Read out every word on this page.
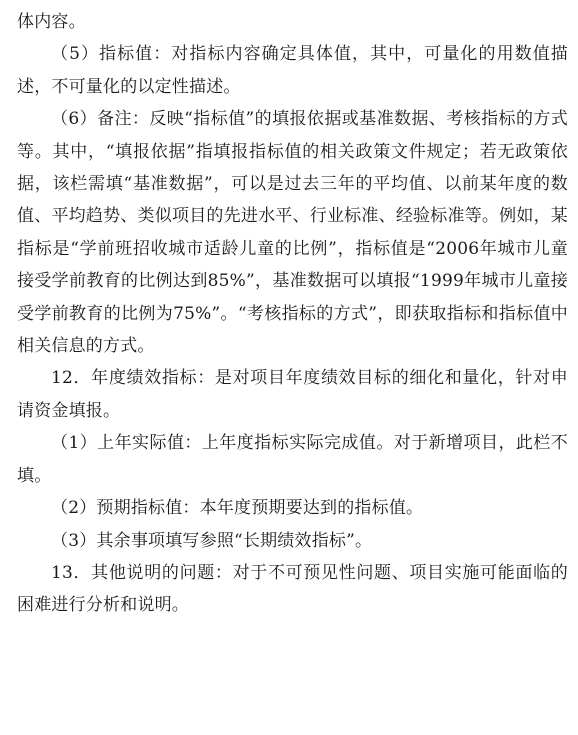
体内容。

（5）指标值：对指标内容确定具体值，其中，可量化的用数值描述，不可量化的以定性描述。

（6）备注：反映“指标值”的填报依据或基准数据、考核指标的方式等。其中，“填报依据”指填报指标值的相关政策文件规定；若无政策依据，该栏需填“基准数据”，可以是过去三年的平均值、以前某年度的数值、平均趋势、类似项目的先进水平、行业标准、经验标准等。例如，某指标是“学前班招收城市适龄儿童的比例”，指标值是“2006年城市儿童接受学前教育的比例达到85%”，基准数据可以填报“1999年城市儿童接受学前教育的比例为75%”。“考核指标的方式”，即获取指标和指标值中相关信息的方式。

12．年度绩效指标：是对项目年度绩效目标的细化和量化，针对申请资金填报。

（1）上年实际值：上年度指标实际完成值。对于新增项目，此栏不填。

（2）预期指标值：本年度预期要达到的指标值。

（3）其余事项填写参照“长期绩效指标”。

13．其他说明的问题：对于不可预见性问题、项目实施可能面临的困难进行分析和说明。
